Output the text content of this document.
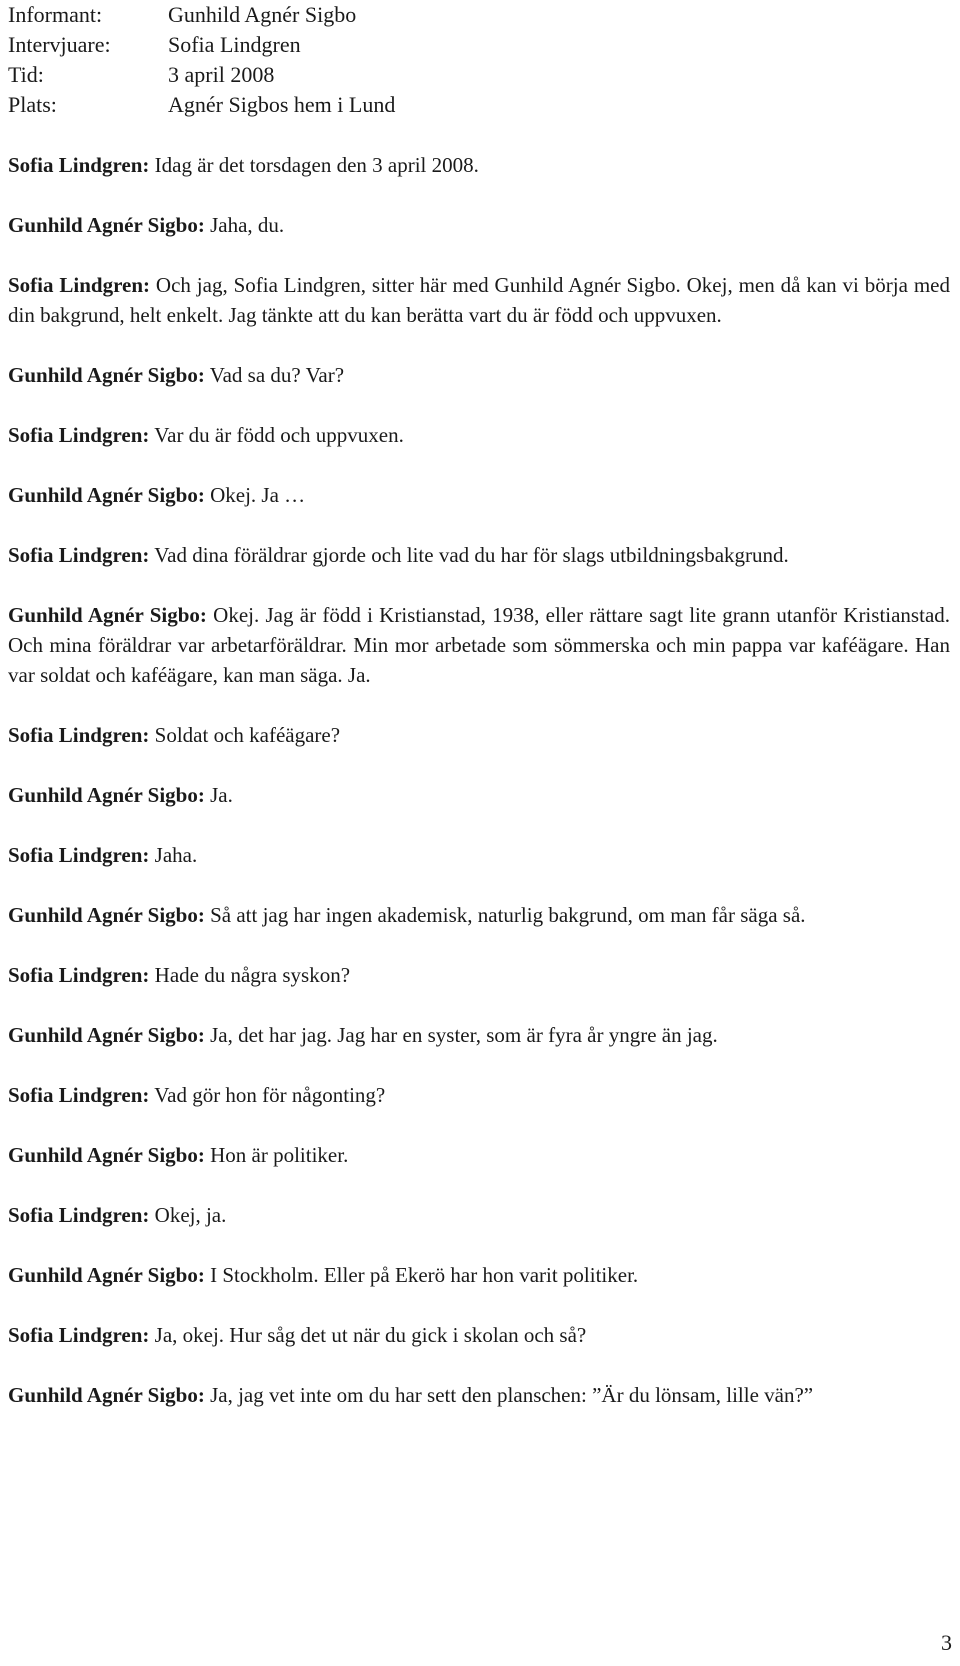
Informant:	Gunhild Agnér Sigbo
Intervjuare:	Sofia Lindgren
Tid:	3 april 2008
Plats:	Agnér Sigbos hem i Lund

Sofia Lindgren: Idag är det torsdagen den 3 april 2008.

Gunhild Agnér Sigbo: Jaha, du.

Sofia Lindgren: Och jag, Sofia Lindgren, sitter här med Gunhild Agnér Sigbo. Okej, men då kan vi börja med din bakgrund, helt enkelt. Jag tänkte att du kan berätta vart du är född och uppvuxen.

Gunhild Agnér Sigbo: Vad sa du? Var?

Sofia Lindgren: Var du är född och uppvuxen.

Gunhild Agnér Sigbo: Okej. Ja …

Sofia Lindgren: Vad dina föräldrar gjorde och lite vad du har för slags utbildningsbakgrund.

Gunhild Agnér Sigbo: Okej. Jag är född i Kristianstad, 1938, eller rättare sagt lite grann utanför Kristianstad. Och mina föräldrar var arbetarföräldrar. Min mor arbetade som sömmerska och min pappa var kaféägare. Han var soldat och kaféägare, kan man säga. Ja.

Sofia Lindgren: Soldat och kaféägare?

Gunhild Agnér Sigbo: Ja.

Sofia Lindgren: Jaha.

Gunhild Agnér Sigbo: Så att jag har ingen akademisk, naturlig bakgrund, om man får säga så.

Sofia Lindgren: Hade du några syskon?

Gunhild Agnér Sigbo: Ja, det har jag. Jag har en syster, som är fyra år yngre än jag.

Sofia Lindgren: Vad gör hon för någonting?

Gunhild Agnér Sigbo: Hon är politiker.

Sofia Lindgren: Okej, ja.

Gunhild Agnér Sigbo: I Stockholm. Eller på Ekerö har hon varit politiker.

Sofia Lindgren: Ja, okej. Hur såg det ut när du gick i skolan och så?

Gunhild Agnér Sigbo: Ja, jag vet inte om du har sett den planschen: ”Är du lönsam, lille vän?”

3
